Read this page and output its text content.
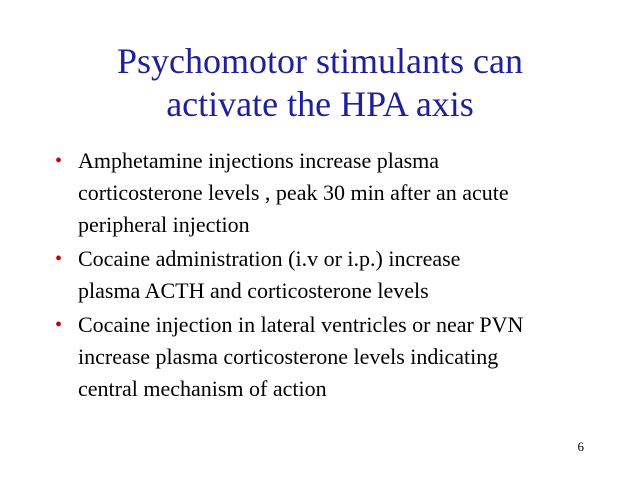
Psychomotor stimulants can
activate the HPA axis
• Amphetamine injections increase plasma
corticosterone levels , peak 30 min after an acute
peripheral injection
• Cocaine administration (i.v or i.p.) increase
plasma ACTH and corticosterone levels
• Cocaine injection in lateral ventricles or near PVN
increase plasma corticosterone levels indicating
central mechanism of action
6
